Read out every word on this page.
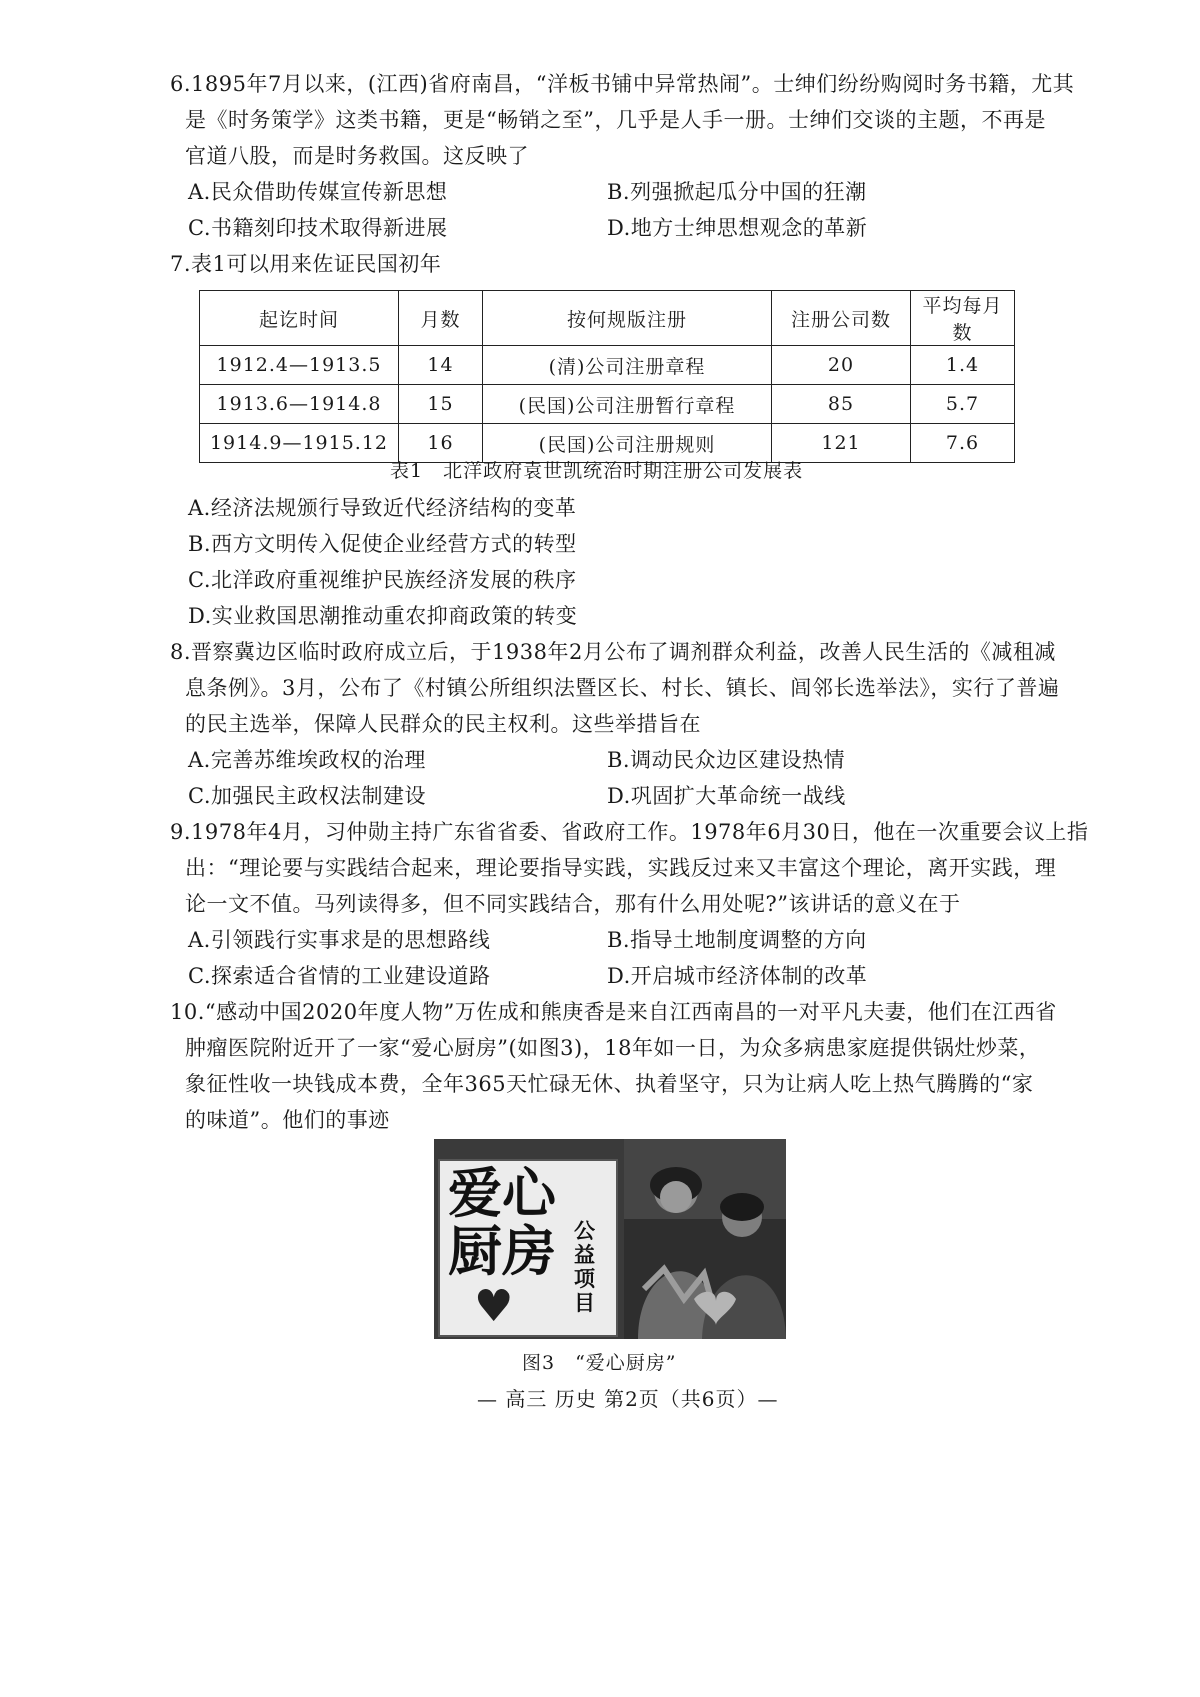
6.1895年7月以来，(江西)省府南昌，“洋板书铺中异常热闹”。士绅们纷纷购阅时务书籍，尤其
是《时务策学》这类书籍，更是“畅销之至”，几乎是人手一册。士绅们交谈的主题，不再是
官道八股，而是时务救国。这反映了
A.民众借助传媒宣传新思想	B.列强掀起瓜分中国的狂潮
C.书籍刻印技术取得新进展	D.地方士绅思想观念的革新
7.表1可以用来佐证民国初年
起讫时间	月数	按何规版注册	注册公司数	平均每月数
1912.4—1913.5	14	(清)公司注册章程	20	1.4
1913.6—1914.8	15	(民国)公司注册暂行章程	85	5.7
1914.9—1915.12	16	(民国)公司注册规则	121	7.6
表1　北洋政府袁世凯统治时期注册公司发展表
A.经济法规颁行导致近代经济结构的变革
B.西方文明传入促使企业经营方式的转型
C.北洋政府重视维护民族经济发展的秩序
D.实业救国思潮推动重农抑商政策的转变
8.晋察冀边区临时政府成立后，于1938年2月公布了调剂群众利益，改善人民生活的《减租减
息条例》。3月，公布了《村镇公所组织法暨区长、村长、镇长、闾邻长选举法》，实行了普遍
的民主选举，保障人民群众的民主权利。这些举措旨在
A.完善苏维埃政权的治理	B.调动民众边区建设热情
C.加强民主政权法制建设	D.巩固扩大革命统一战线
9.1978年4月，习仲勋主持广东省省委、省政府工作。1978年6月30日，他在一次重要会议上指
出：“理论要与实践结合起来，理论要指导实践，实践反过来又丰富这个理论，离开实践，理
论一文不值。马列读得多，但不同实践结合，那有什么用处呢?”该讲话的意义在于
A.引领践行实事求是的思想路线	B.指导土地制度调整的方向
C.探索适合省情的工业建设道路	D.开启城市经济体制的改革
10.“感动中国2020年度人物”万佐成和熊庚香是来自江西南昌的一对平凡夫妻，他们在江西省
肿瘤医院附近开了一家“爱心厨房”(如图3)，18年如一日，为众多病患家庭提供锅灶炒菜，
象征性收一块钱成本费，全年365天忙碌无休、执着坚守，只为让病人吃上热气腾腾的“家
的味道”。他们的事迹
爱心
厨房 公益项目
♥
图3　“爱心厨房”
— 高三 历史 第2页（共6页）—
